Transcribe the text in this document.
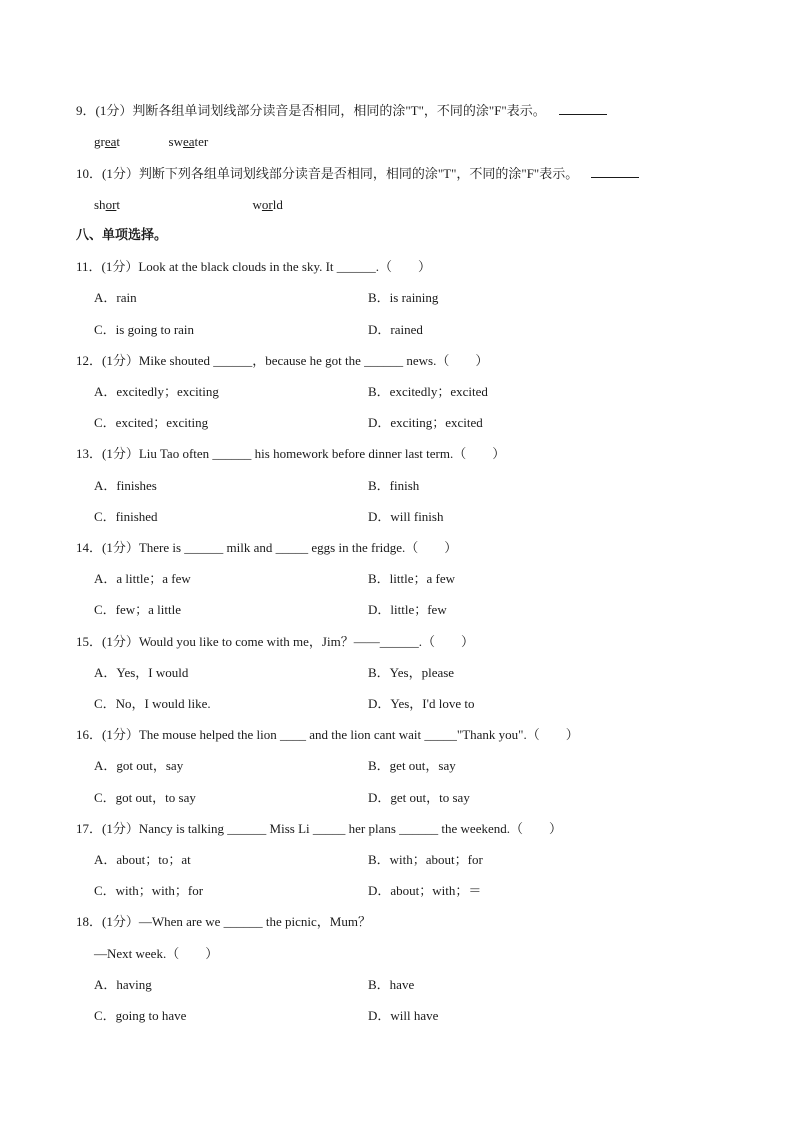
9．(1分）判断各组单词划线部分读音是否相同，相同的涂"T"，不同的涂"F"表示。
great	sweater
10．(1分）判断下列各组单词划线部分读音是否相同，相同的涂"T"，不同的涂"F"表示。
short	world
八、单项选择。
11．(1分）Look at the black clouds in the sky. It ______.（　　）
A．rain	B．is raining
C．is going to rain	D．rained
12．(1分）Mike shouted ______，because he got the ______ news.（　　）
A．excitedly；exciting	B．excitedly；excited
C．excited；exciting	D．exciting；excited
13．(1分）Liu Tao often ______ his homework before dinner last term.（　　）
A．finishes	B．finish
C．finished	D．will finish
14．(1分）There is ______ milk and _____ eggs in the fridge.（　　）
A．a little；a few	B．little；a few
C．few；a little	D．little；few
15．(1分）Would you like to come with me，Jim？——______.（　　）
A．Yes，I would	B．Yes，please
C．No，I would like.	D．Yes，I'd love to
16．(1分）The mouse helped the lion ____ and the lion cant wait _____"Thank you".（　　）
A．got out，say	B．get out，say
C．got out，to say	D．get out，to say
17．(1分）Nancy is talking ______ Miss Li _____ her plans ______ the weekend.（　　）
A．about；to；at	B．with；about；for
C．with；with；for	D．about；with；＝
18．(1分）—When are we ______ the picnic，Mum？
—Next week.（　　）
A．having	B．have
C．going to have	D．will have
